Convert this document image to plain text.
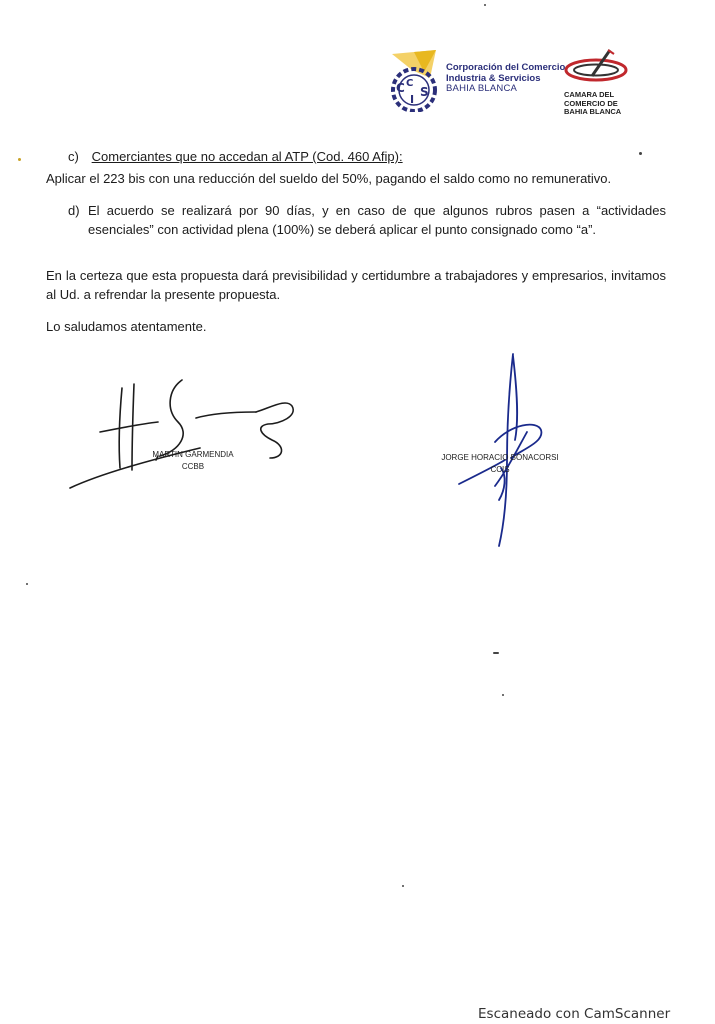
C C
I
S
Corporación del Comercio,
Industria & Servicios
BAHIA BLANCA
CAMARA DEL
COMERCIO DE
BAHIA BLANCA
c) Comerciantes que no accedan al ATP (Cod. 460 Afip):
Aplicar el 223 bis con una reducción del sueldo del 50%, pagando el saldo como no remunerativo.
d) El acuerdo se realizará por 90 días, y en caso de que algunos rubros pasen a “actividades esenciales” con actividad plena (100%) se deberá aplicar el punto consignado como “a”.
En la certeza que esta propuesta dará previsibilidad y certidumbre a trabajadores y empresarios, invitamos al Ud. a refrendar la presente propuesta.
Lo saludamos atentamente.
MARTIN GARMENDIA
CCBB
JORGE HORACIO BONACORSI
CCIS
Escaneado con CamScanner
